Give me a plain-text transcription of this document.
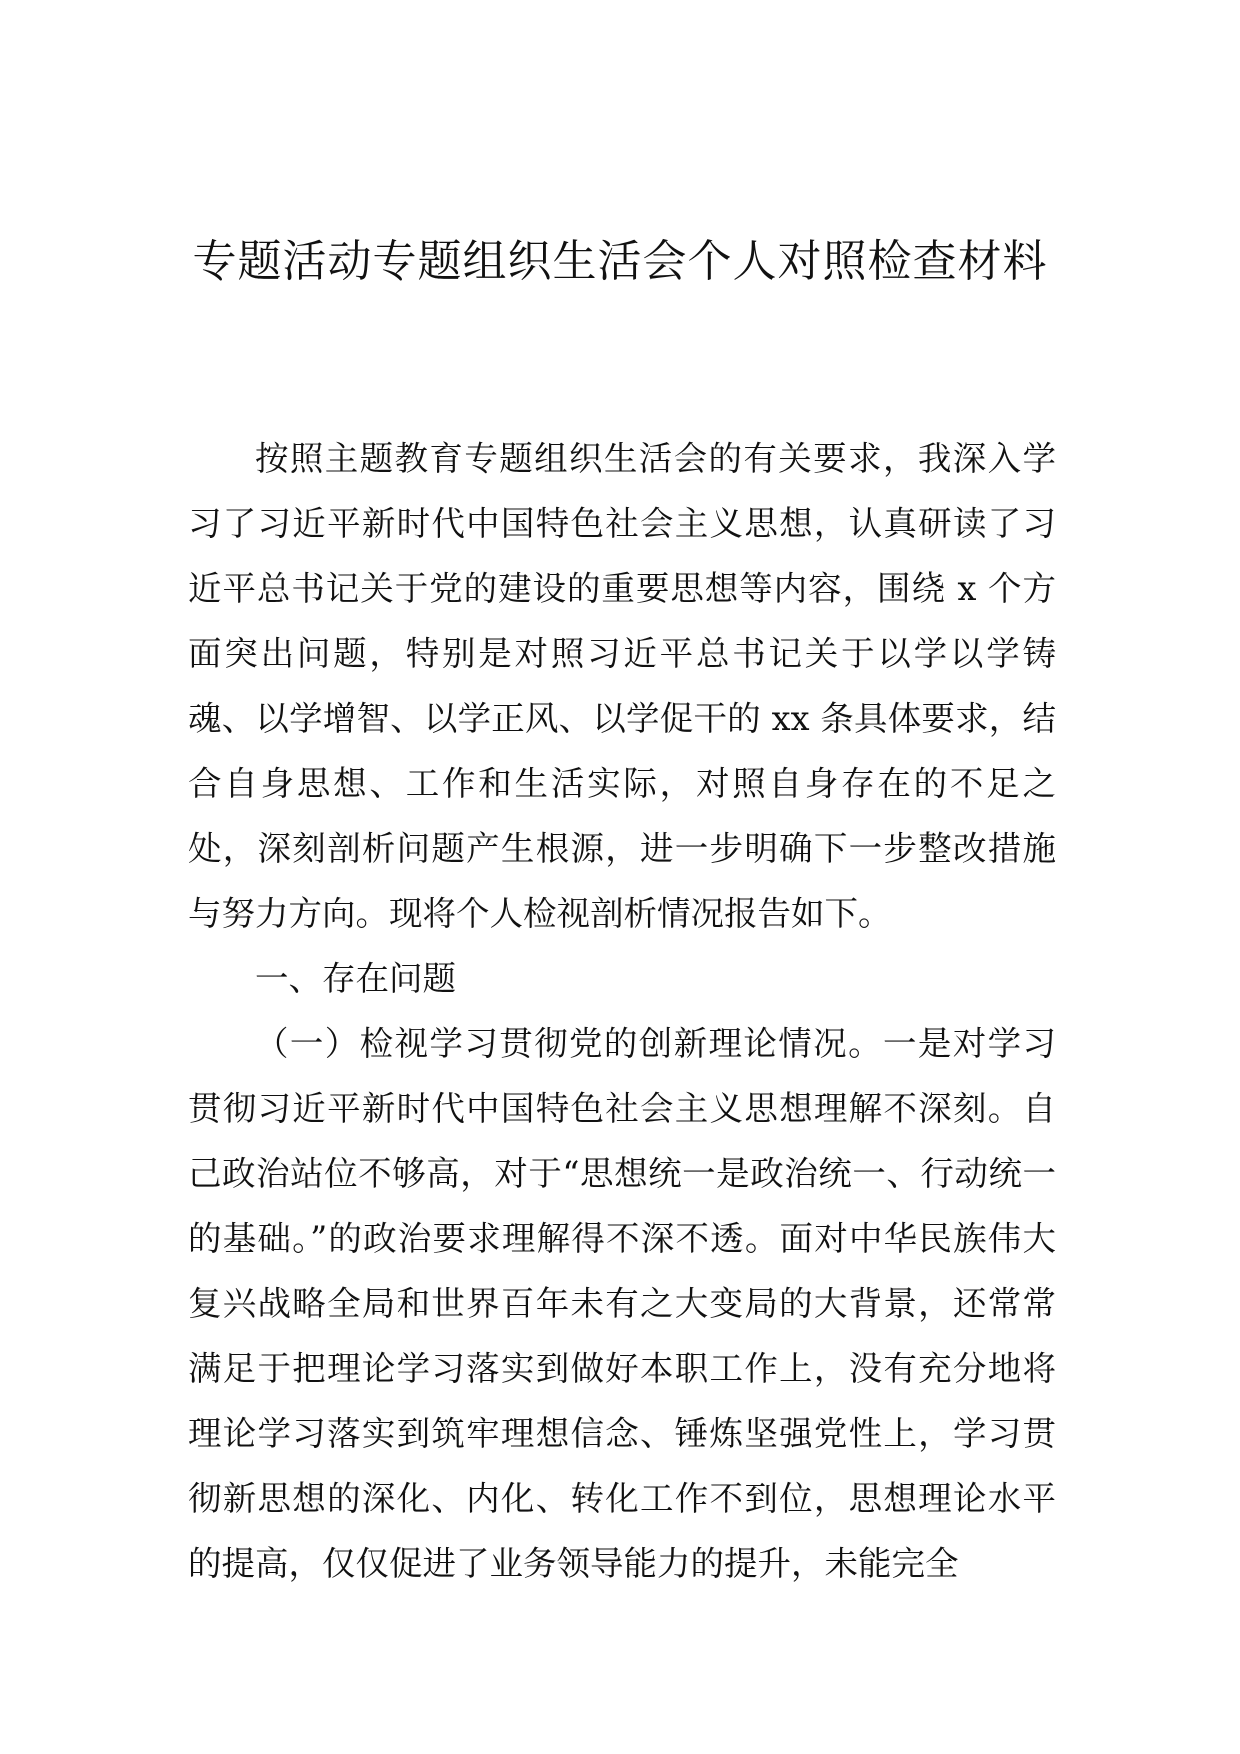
专题活动专题组织生活会个人对照检查材料

按照主题教育专题组织生活会的有关要求，我深入学习了习近平新时代中国特色社会主义思想，认真研读了习近平总书记关于党的建设的重要思想等内容，围绕 x 个方面突出问题，特别是对照习近平总书记关于以学以学铸魂、以学增智、以学正风、以学促干的 xx 条具体要求，结合自身思想、工作和生活实际，对照自身存在的不足之处，深刻剖析问题产生根源，进一步明确下一步整改措施与努力方向。现将个人检视剖析情况报告如下。

一、存在问题

（一）检视学习贯彻党的创新理论情况。一是对学习贯彻习近平新时代中国特色社会主义思想理解不深刻。自己政治站位不够高，对于“思想统一是政治统一、行动统一的基础。”的政治要求理解得不深不透。面对中华民族伟大复兴战略全局和世界百年未有之大变局的大背景，还常常满足于把理论学习落实到做好本职工作上，没有充分地将理论学习落实到筑牢理想信念、锤炼坚强党性上，学习贯彻新思想的深化、内化、转化工作不到位，思想理论水平的提高，仅仅促进了业务领导能力的提升，未能完全
